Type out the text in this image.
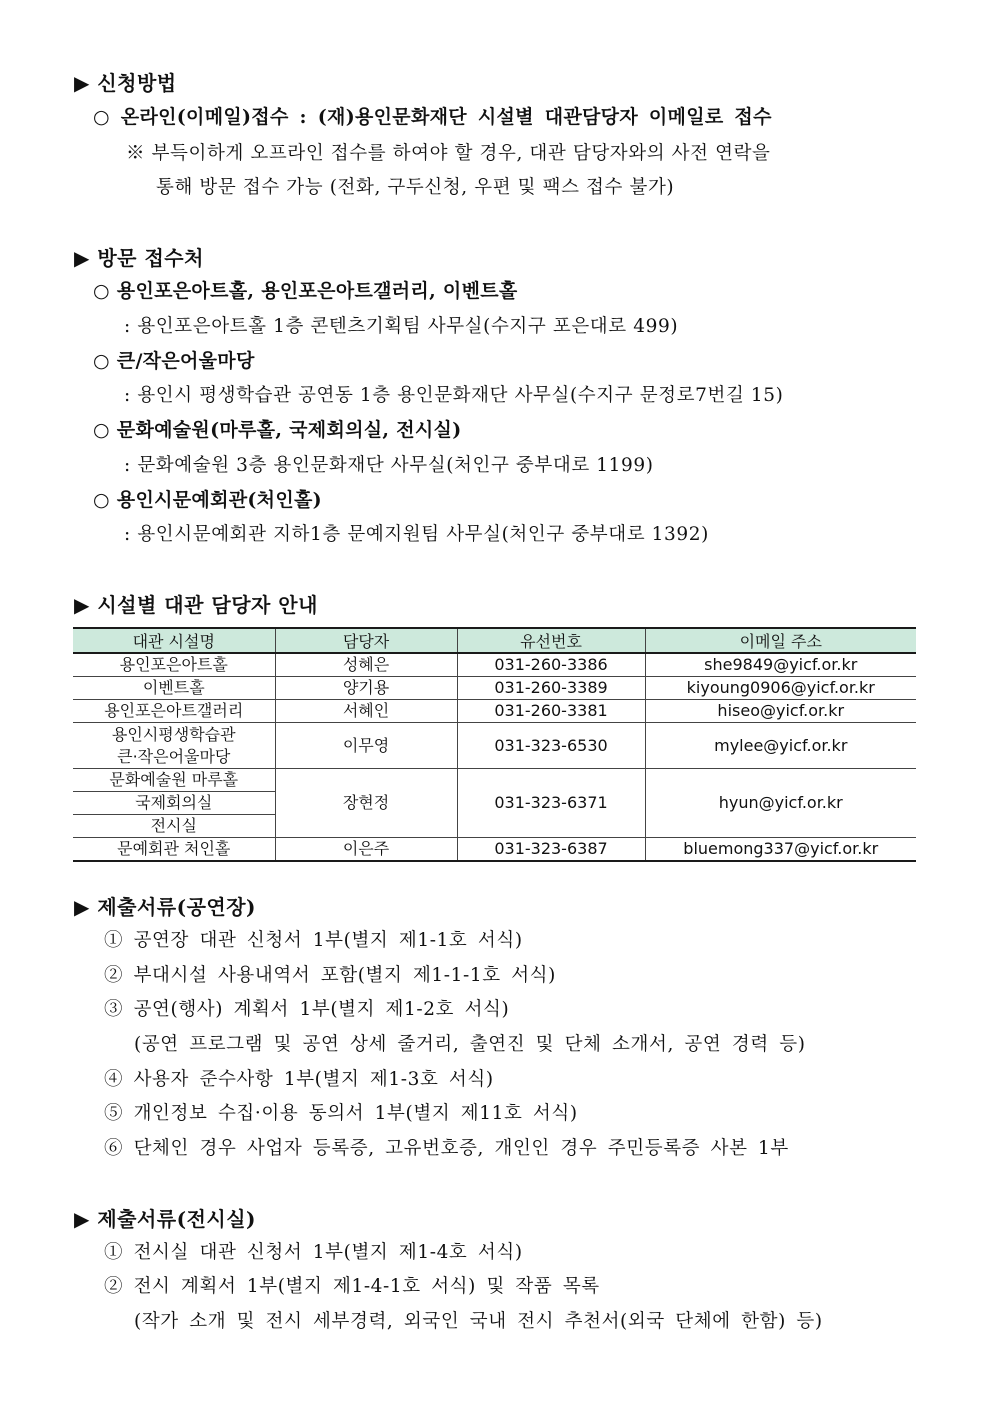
▶ 신청방법
○ 온라인(이메일)접수 : (재)용인문화재단 시설별 대관담당자 이메일로 접수
※ 부득이하게 오프라인 접수를 하여야 할 경우, 대관 담당자와의 사전 연락을
통해 방문 접수 가능 (전화, 구두신청, 우편 및 팩스 접수 불가)
▶ 방문 접수처
○ 용인포은아트홀, 용인포은아트갤러리, 이벤트홀
: 용인포은아트홀 1층 콘텐츠기획팀 사무실(수지구 포은대로 499)
○ 큰/작은어울마당
: 용인시 평생학습관 공연동 1층 용인문화재단 사무실(수지구 문정로7번길 15)
○ 문화예술원(마루홀, 국제회의실, 전시실)
: 문화예술원 3층 용인문화재단 사무실(처인구 중부대로 1199)
○ 용인시문예회관(처인홀)
: 용인시문예회관 지하1층 문예지원팀 사무실(처인구 중부대로 1392)
▶ 시설별 대관 담당자 안내
대관 시설명	담당자	유선번호	이메일 주소
용인포은아트홀	성혜은	031-260-3386	she9849@yicf.or.kr
이벤트홀	양기용	031-260-3389	kiyoung0906@yicf.or.kr
용인포은아트갤러리	서혜인	031-260-3381	hiseo@yicf.or.kr

용인시평생학습관
큰·작은어울마당	이무영	031-323-6530	mylee@yicf.or.kr
문화예술원 마루홀	장현정	031-323-6371	hyun@yicf.or.kr
국제회의실			
전시실			
문예회관 처인홀	이은주	031-323-6387	bluemong337@yicf.or.kr
▶ 제출서류(공연장)
① 공연장 대관 신청서 1부(별지 제1-1호 서식)
② 부대시설 사용내역서 포함(별지 제1-1-1호 서식)
③ 공연(행사) 계획서 1부(별지 제1-2호 서식)
(공연 프로그램 및 공연 상세 줄거리, 출연진 및 단체 소개서, 공연 경력 등)
④ 사용자 준수사항 1부(별지 제1-3호 서식)
⑤ 개인정보 수집·이용 동의서 1부(별지 제11호 서식)
⑥ 단체인 경우 사업자 등록증, 고유번호증, 개인인 경우 주민등록증 사본 1부
▶ 제출서류(전시실)
① 전시실 대관 신청서 1부(별지 제1-4호 서식)
② 전시 계획서 1부(별지 제1-4-1호 서식) 및 작품 목록
(작가 소개 및 전시 세부경력, 외국인 국내 전시 추천서(외국 단체에 한함) 등)
